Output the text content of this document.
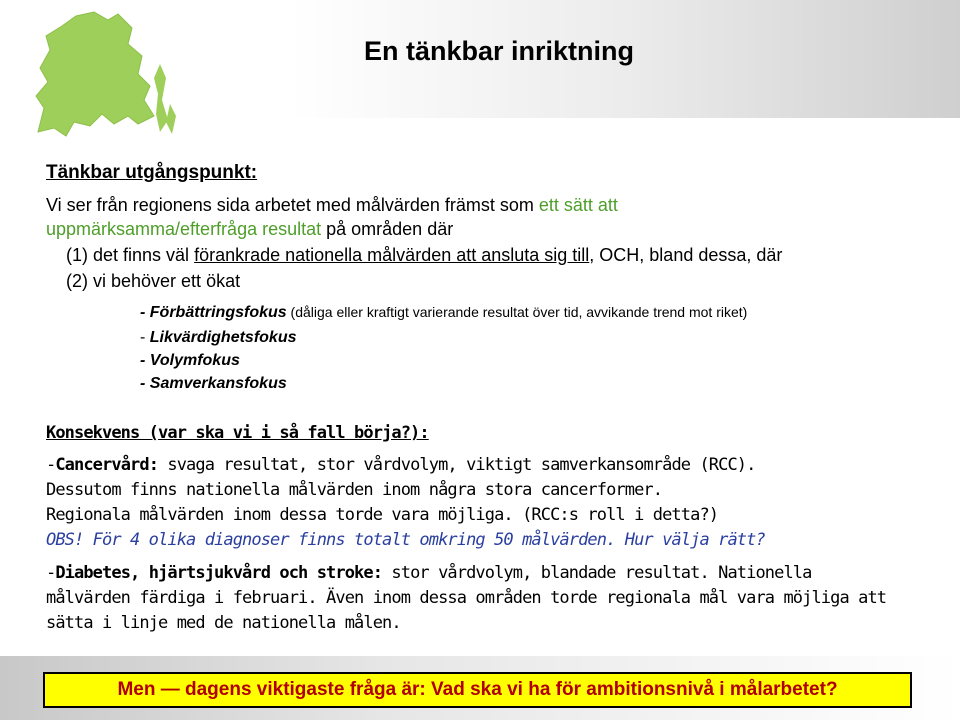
En tänkbar inriktning
Tänkbar utgångspunkt:

Vi ser från regionens sida arbetet med målvärden främst som ett sätt att

uppmärksamma/efterfråga resultat på områden där

(1) det finns väl förankrade nationella målvärden att ansluta sig till, OCH, bland dessa, där

(2) vi behöver ett ökat

- Förbättringsfokus (dåliga eller kraftigt varierande resultat över tid, avvikande trend mot riket)

- Likvärdighetsfokus

- Volymfokus

- Samverkansfokus

Konsekvens (var ska vi i så fall börja?):

-Cancervård: svaga resultat, stor vårdvolym, viktigt samverkansområde (RCC).

Dessutom finns nationella målvärden inom några stora cancerformer.

Regionala målvärden inom dessa torde vara möjliga. (RCC:s roll i detta?)

OBS! För 4 olika diagnoser finns totalt omkring 50 målvärden. Hur välja rätt?

-Diabetes, hjärtsjukvård och stroke: stor vårdvolym, blandade resultat. Nationella

målvärden färdiga i februari. Även inom dessa områden torde regionala mål vara möjliga att

sätta i linje med de nationella målen.

Men — dagens viktigaste fråga är: Vad ska vi ha för ambitionsnivå i målarbetet?
